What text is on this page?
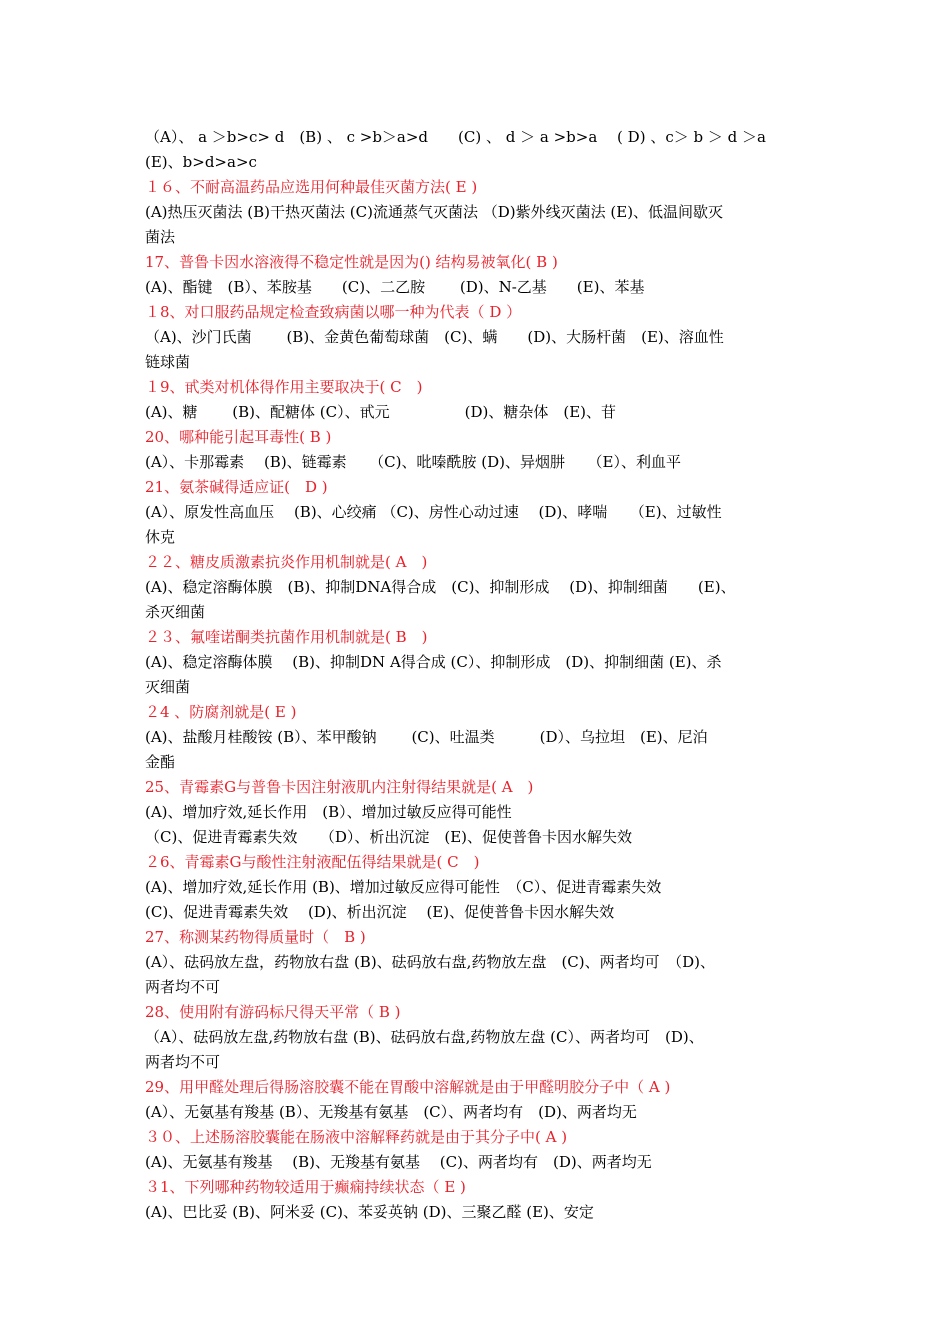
（A）、 a ＞b>c> d　(B) 、 c >b＞a>d　　(C) 、 d ＞ a >b>a　 ( D) 、c＞ b ＞ d ＞a
(E)、b>d>a>c
１６、不耐高温药品应选用何种最佳灭菌方法( E )
(A)热压灭菌法 (B)干热灭菌法 (C)流通蒸气灭菌法 （D)紫外线灭菌法 (E)、低温间歇灭
菌法
17、普鲁卡因水溶液得不稳定性就是因为() 结构易被氧化( B )
(A)、酯键　(B）、苯胺基　　(C)、二乙胺　　 (D)、N-乙基　　(E)、苯基
１8、对口服药品规定检查致病菌以哪一种为代表（ D ）
（A)、沙门氏菌　　 (B)、金黄色葡萄球菌　(C)、螨　　(D)、大肠杆菌　(E)、溶血性
链球菌
１9、甙类对机体得作用主要取决于( C　)
(A)、糖　　 (B)、配糖体 (C）、甙元　　　　　(D)、糖杂体　(E)、苷
20、哪种能引起耳毒性( B )
(A）、卡那霉素　 (B)、链霉素　　（C)、吡嗪酰胺 (D)、异烟肼　　（E）、利血平
21、氨茶碱得适应证(　D )
(A）、原发性高血压　 (B)、心绞痛 （C)、房性心动过速　 (D)、哮喘　　（E)、过敏性
休克
２２、糖皮质激素抗炎作用机制就是( A　)
(A)、稳定溶酶体膜　(B)、抑制DNA得合成　(C)、抑制形成　 (D)、抑制细菌　　(E)、
杀灭细菌
２３、氟喹诺酮类抗菌作用机制就是( B　)
(A)、稳定溶酶体膜　 (B)、抑制DN A得合成 (C）、抑制形成　(D)、抑制细菌 (E)、杀
灭细菌
２4 、防腐剂就是( E )
(A)、盐酸月桂酸铵 (B）、苯甲酸钠　　 (C)、吐温类　　　(D）、乌拉坦　(E)、尼泊
金酯
25、青霉素G与普鲁卡因注射液肌内注射得结果就是( A　)
(A)、增加疗效,延长作用　(B）、增加过敏反应得可能性
（C)、促进青霉素失效　　（D）、析出沉淀　(E)、促使普鲁卡因水解失效
２6、青霉素G与酸性注射液配伍得结果就是( C　)
(A)、增加疗效,延长作用 (B)、增加过敏反应得可能性　（C）、促进青霉素失效
(C)、促进青霉素失效　 (D)、析出沉淀　 (E)、促使普鲁卡因水解失效
27、称测某药物得质量时（　B )
(A）、砝码放左盘，药物放右盘 (B)、砝码放右盘,药物放左盘　(C)、两者均可　（D)、
两者均不可
28、使用附有游码标尺得天平常（ B )
（A）、砝码放左盘,药物放右盘 (B)、砝码放右盘,药物放左盘 (C）、两者均可　(D)、
两者均不可
29、用甲醛处理后得肠溶胶囊不能在胃酸中溶解就是由于甲醛明胶分子中（ A )
(A）、无氨基有羧基 (B）、无羧基有氨基　(C）、两者均有　(D)、两者均无
３０、上述肠溶胶囊能在肠液中溶解释药就是由于其分子中( A )
(A)、无氨基有羧基　 (B)、无羧基有氨基　 (C)、两者均有　(D)、两者均无
３1、下列哪种药物较适用于癫痫持续状态（ E )
(A)、巴比妥 (B)、阿米妥 (C)、苯妥英钠 (D)、三聚乙醛 (E)、安定
